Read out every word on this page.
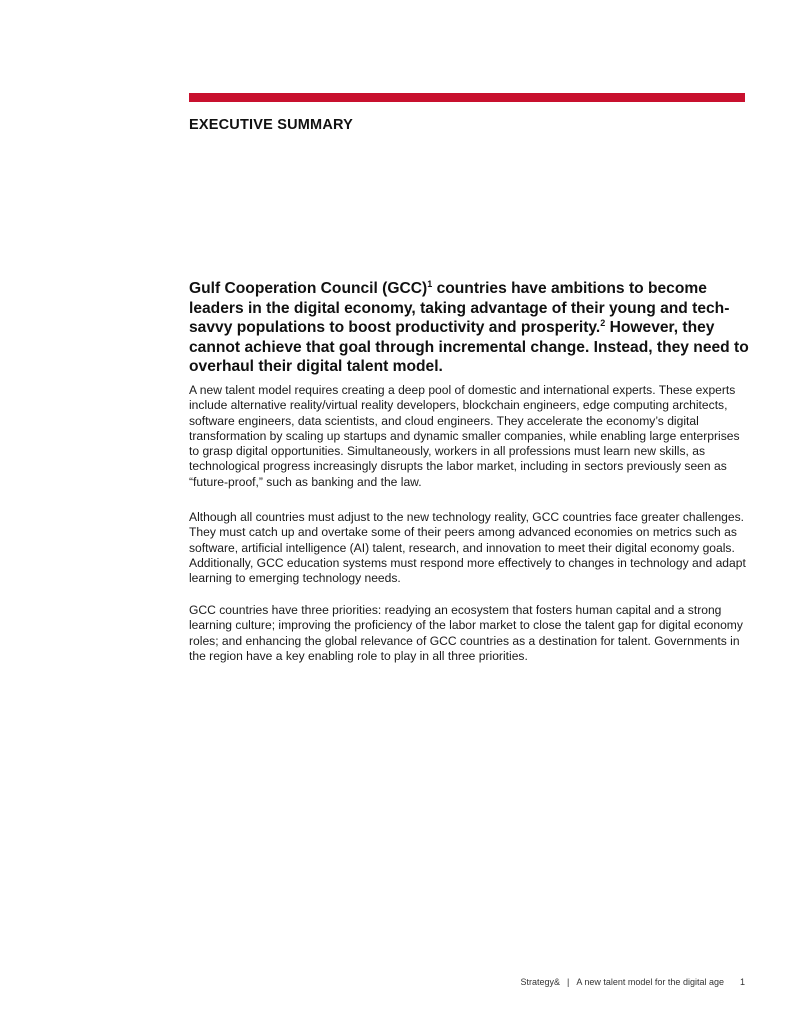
EXECUTIVE SUMMARY

Gulf Cooperation Council (GCC)$^1$ countries have ambitions to become leaders in the digital economy, taking advantage of their young and tech-savvy populations to boost productivity and prosperity.$^2$ However, they cannot achieve that goal through incremental change. Instead, they need to overhaul their digital talent model.

A new talent model requires creating a deep pool of domestic and international experts. These experts include alternative reality/virtual reality developers, blockchain engineers, edge computing architects, software engineers, data scientists, and cloud engineers. They accelerate the economy’s digital transformation by scaling up startups and dynamic smaller companies, while enabling large enterprises to grasp digital opportunities. Simultaneously, workers in all professions must learn new skills, as technological progress increasingly disrupts the labor market, including in sectors previously seen as “future-proof,” such as banking and the law.

Although all countries must adjust to the new technology reality, GCC countries face greater challenges. They must catch up and overtake some of their peers among advanced economies on metrics such as software, artificial intelligence (AI) talent, research, and innovation to meet their digital economy goals. Additionally, GCC education systems must respond more effectively to changes in technology and adapt learning to emerging technology needs.

GCC countries have three priorities: readying an ecosystem that fosters human capital and a strong learning culture; improving the proficiency of the labor market to close the talent gap for digital economy roles; and enhancing the global relevance of GCC countries as a destination for talent. Governments in the region have a key enabling role to play in all three priorities.

Strategy& | A new talent model for the digital age 1
